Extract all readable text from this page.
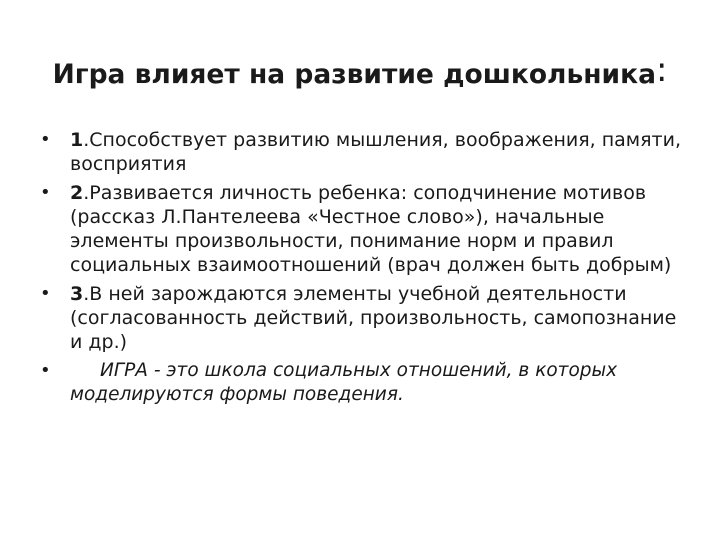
Игра влияет на развитие дошкольника:
• 1.Способствует развитию мышления, воображения, памяти, восприятия
• 2.Развивается личность ребенка: соподчинение мотивов (рассказ Л.Пантелеева «Честное слово»), начальные элементы произвольности, понимание норм и правил социальных взаимоотношений (врач должен быть добрым)
• 3.В ней зарождаются элементы учебной деятельности (согласованность действий, произвольность, самопознание и др.)
•	ИГРА - это школа социальных отношений, в которых моделируются формы поведения.
